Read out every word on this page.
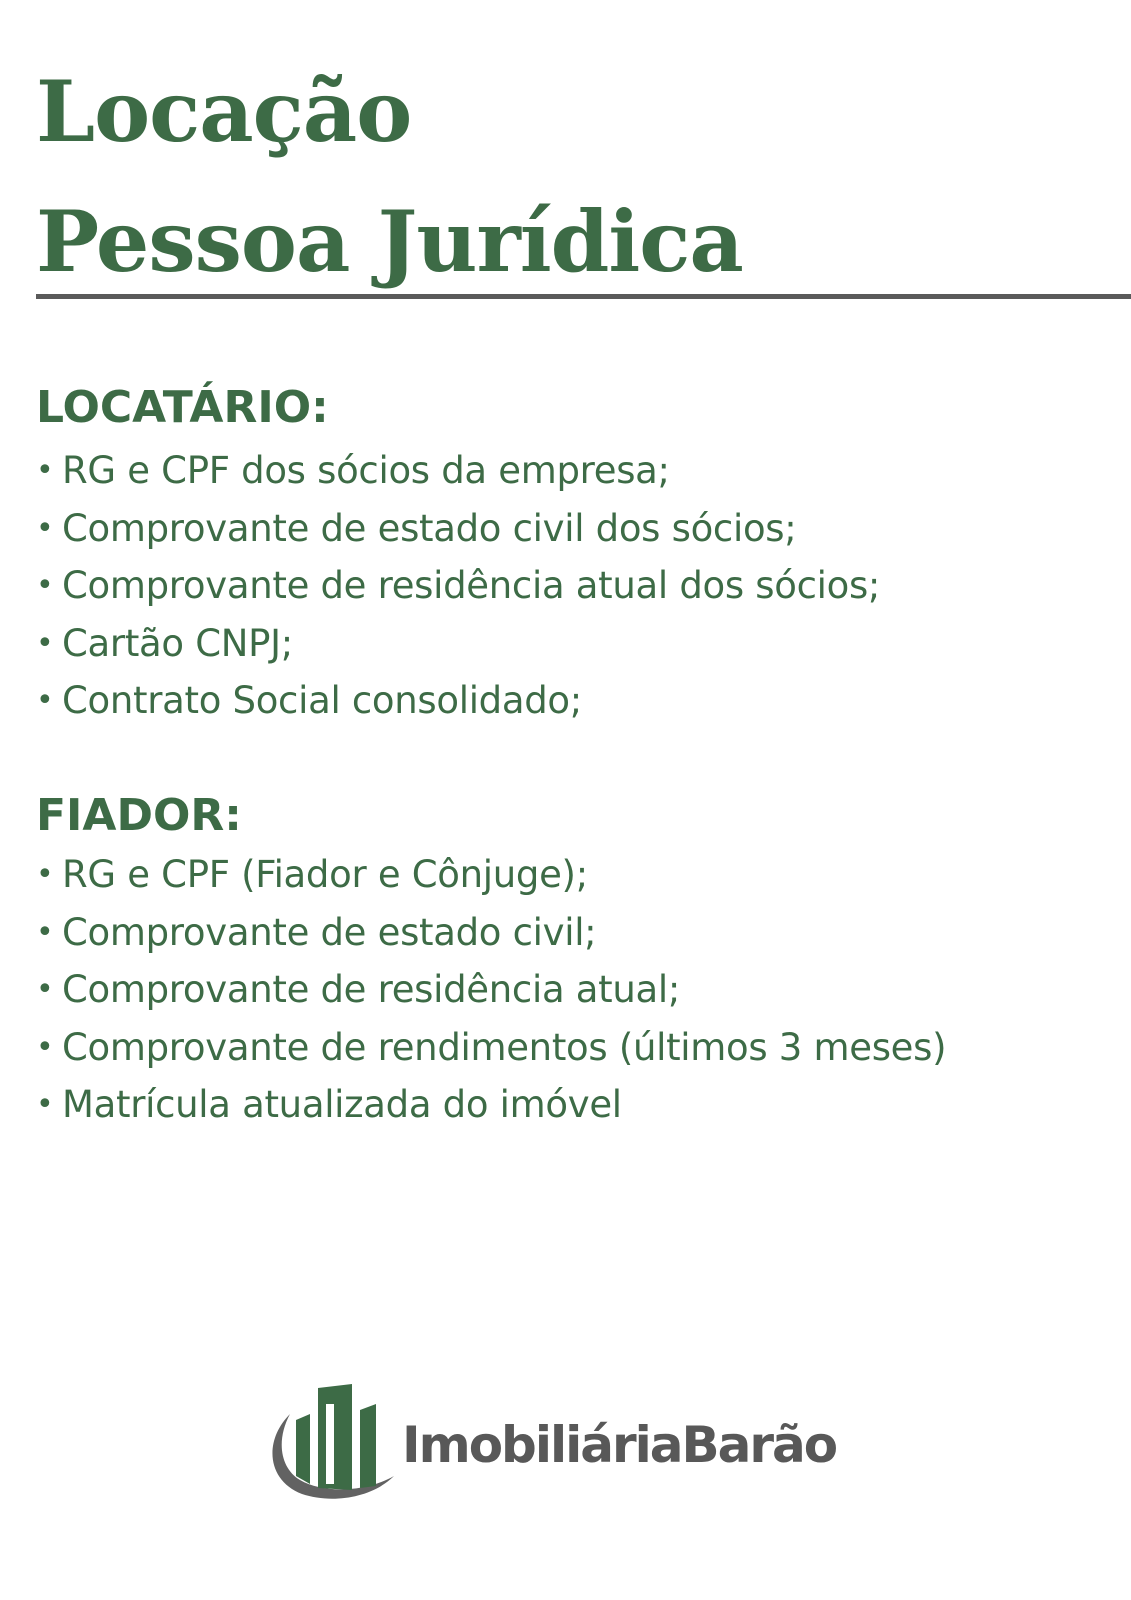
Locação
Pessoa Jurídica
LOCATÁRIO:
• RG e CPF dos sócios da empresa;
• Comprovante de estado civil dos sócios;
• Comprovante de residência atual dos sócios;
• Cartão CNPJ;
• Contrato Social consolidado;
FIADOR:
• RG e CPF (Fiador e Cônjuge);
• Comprovante de estado civil;
• Comprovante de residência atual;
• Comprovante de rendimentos (últimos 3 meses)
• Matrícula atualizada do imóvel
ImobiliáriaBarão
